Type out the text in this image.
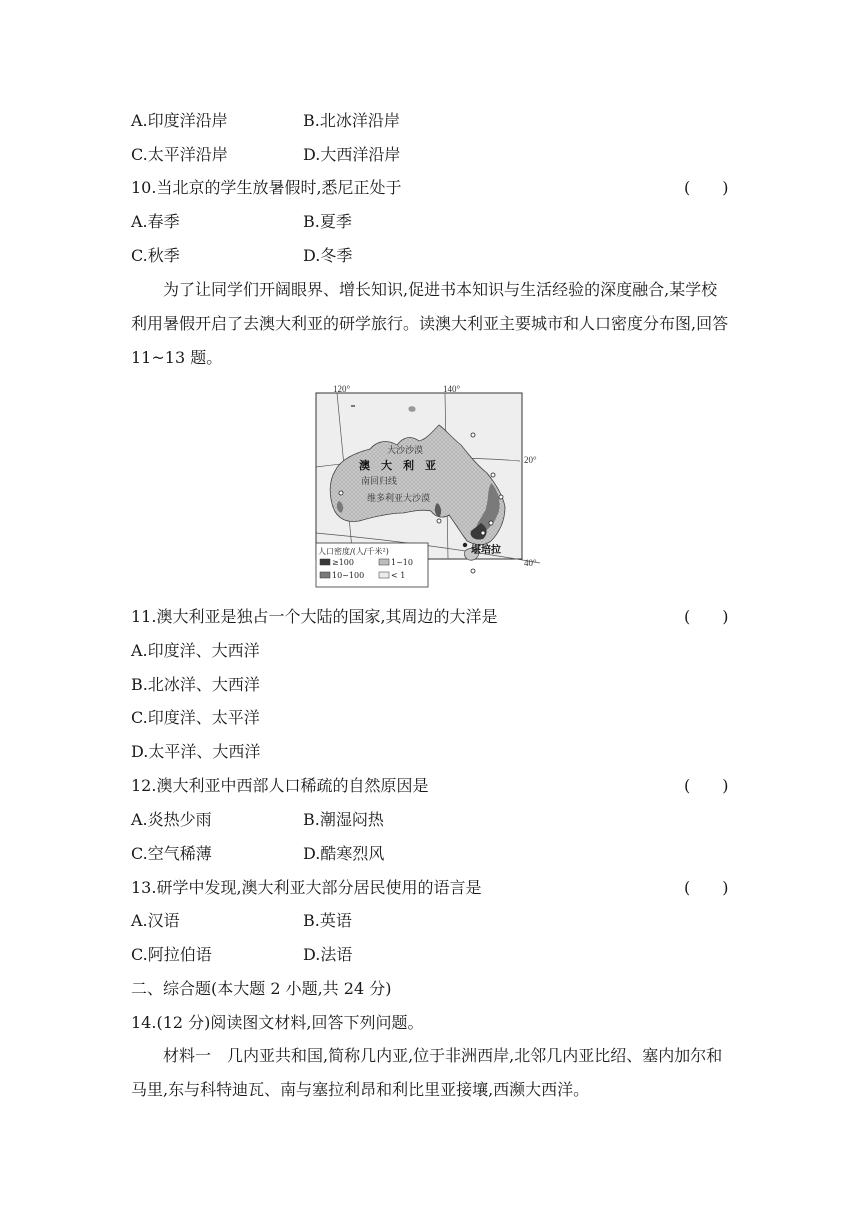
A.印度洋沿岸	B.北冰洋沿岸
C.太平洋沿岸	D.大西洋沿岸
10.当北京的学生放暑假时,悉尼正处于	(　　)
A.春季	B.夏季
C.秋季	D.冬季
为了让同学们开阔眼界、增长知识,促进书本知识与生活经验的深度融合,某学校利用暑假开启了去澳大利亚的研学旅行。读澳大利亚主要城市和人口密度分布图,回答 11~13 题。
120°	140°
20°
40°
大沙沙漠
澳　大　利　亚
南回归线
维多利亚大沙漠
堪培拉
人口密度/(人/千米²)
≥100	1~10
10~100	< 1
11.澳大利亚是独占一个大陆的国家,其周边的大洋是	(　　)
A.印度洋、大西洋
B.北冰洋、大西洋
C.印度洋、太平洋
D.太平洋、大西洋
12.澳大利亚中西部人口稀疏的自然原因是	(　　)
A.炎热少雨	B.潮湿闷热
C.空气稀薄	D.酷寒烈风
13.研学中发现,澳大利亚大部分居民使用的语言是	(　　)
A.汉语	B.英语
C.阿拉伯语	D.法语
二、综合题(本大题 2 小题,共 24 分)
14.(12 分)阅读图文材料,回答下列问题。
材料一　几内亚共和国,简称几内亚,位于非洲西岸,北邻几内亚比绍、塞内加尔和马里,东与科特迪瓦、南与塞拉利昂和利比里亚接壤,西濒大西洋。
